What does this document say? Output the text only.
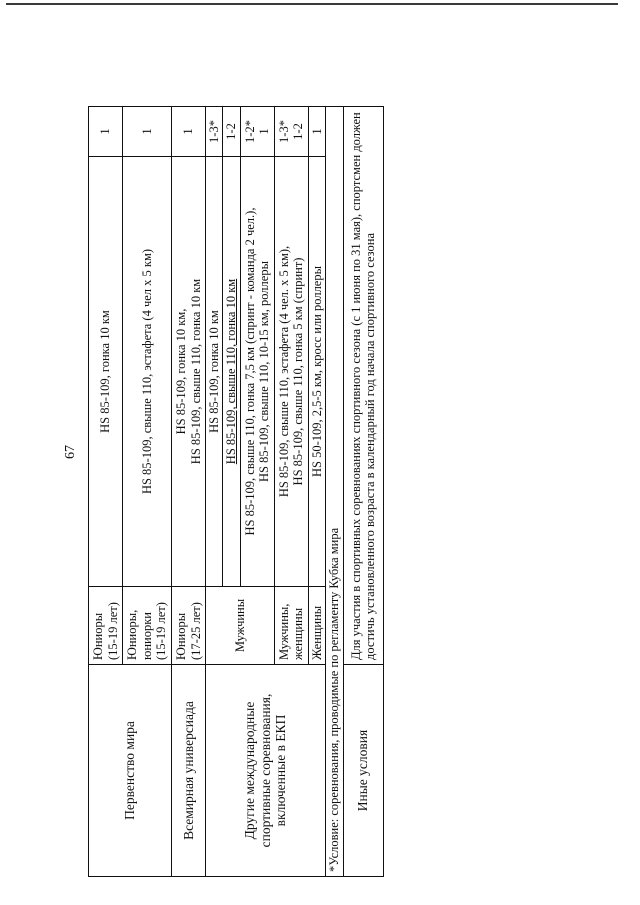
67
Первенство мира	Юниоры (15-19 лет)	HS 85-109, гонка 10 км	1

	Юниоры, юниорки (15-19 лет)	HS 85-109, свыше 110, эстафета (4 чел х 5 км)	1
Всемирная универсиада	Юниоры (17-25 лет)	HS 85-109, гонка 10 км, HS 85-109, свыше 110, гонка 10 км	1
Другие международные спортивные соревнования, включенные в ЕКП	Мужчины	HS 85-109, гонка 10 км	1-3*
		HS 85-109, свыше 110, гонка 10 км	1-2

		HS 85-109, свыше 110, гонка 7,5 км (спринт - команда 2 чел.), HS 85-109, свыше 110, 10-15 км, роллеры	1-2* 1

	Мужчины, женщины	HS 85-109, свыше 110, эстафета (4 чел. х 5 км), HS 85-109, свыше 110, гонка 5 км (спринт)	1-3* 1-2

	Женщины	HS 50-109, 2,5-5 км, кросс или роллеры	1
*Условие: соревнования, проводимые по регламенту Кубка мира			
Иные условия	Для участия в спортивных соревнованиях спортивного сезона (с 1 июня по 31 мая), спортсмен должен достичь установленного возраста в календарный год начала спортивного сезона		
